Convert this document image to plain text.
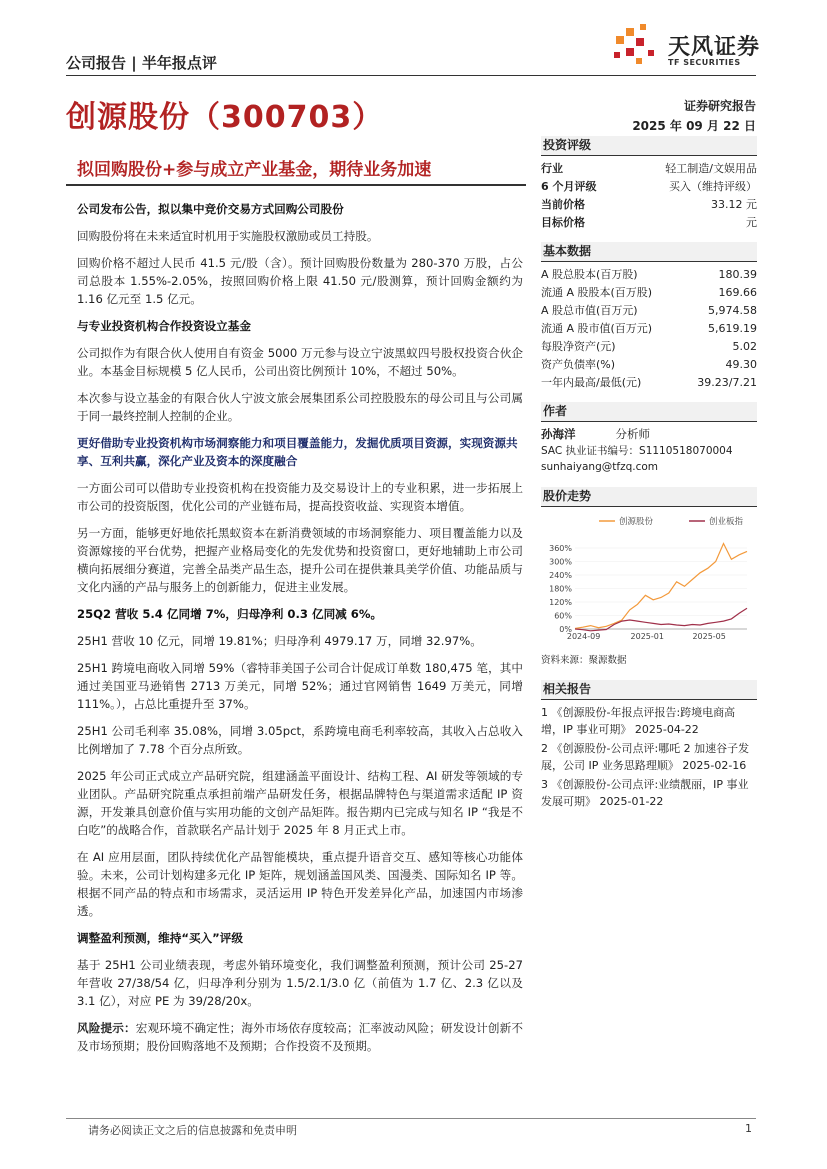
公司报告 | 半年报点评
天风证券
TF SECURITIES
创源股份（300703）	证券研究报告
2025 年 09 月 22 日
拟回购股份+参与成立产业基金，期待业务加速
公司发布公告，拟以集中竞价交易方式回购公司股份

回购股份将在未来适宜时机用于实施股权激励或员工持股。

回购价格不超过人民币 41.5 元/股（含）。预计回购股份数量为 280-370 万股，占公司总股本 1.55%-2.05%，按照回购价格上限 41.50 元/股测算，预计回购金额约为 1.16 亿元至 1.5 亿元。

与专业投资机构合作投资设立基金

公司拟作为有限合伙人使用自有资金 5000 万元参与设立宁波黑蚁四号股权投资合伙企业。本基金目标规模 5 亿人民币，公司出资比例预计 10%，不超过 50%。

本次参与设立基金的有限合伙人宁波文旅会展集团系公司控股股东的母公司且与公司属于同一最终控制人控制的企业。

更好借助专业投资机构市场洞察能力和项目覆盖能力，发掘优质项目资源，实现资源共享、互利共赢，深化产业及资本的深度融合

一方面公司可以借助专业投资机构在投资能力及交易设计上的专业积累，进一步拓展上市公司的投资版图，优化公司的产业链布局，提高投资收益、实现资本增值。

另一方面，能够更好地依托黑蚁资本在新消费领域的市场洞察能力、项目覆盖能力以及资源嫁接的平台优势，把握产业格局变化的先发优势和投资窗口，更好地辅助上市公司横向拓展细分赛道，完善全品类产品生态，提升公司在提供兼具美学价值、功能品质与文化内涵的产品与服务上的创新能力，促进主业发展。

25Q2 营收 5.4 亿同增 7%，归母净利 0.3 亿同减 6%。

25H1 营收 10 亿元，同增 19.81%；归母净利 4979.17 万，同增 32.97%。

25H1 跨境电商收入同增 59%（睿特菲美国子公司合计促成订单数 180,475 笔，其中通过美国亚马逊销售 2713 万美元，同增 52%；通过官网销售 1649 万美元，同增 111%。），占总比重提升至 37%。

25H1 公司毛利率 35.08%，同增 3.05pct，系跨境电商毛利率较高，其收入占总收入比例增加了 7.78 个百分点所致。

2025 年公司正式成立产品研究院，组建涵盖平面设计、结构工程、AI 研发等领域的专业团队。产品研究院重点承担前端产品研发任务，根据品牌特色与渠道需求适配 IP 资源，开发兼具创意价值与实用功能的文创产品矩阵。报告期内已完成与知名 IP “我是不白吃”的战略合作，首款联名产品计划于 2025 年 8 月正式上市。

在 AI 应用层面，团队持续优化产品智能模块，重点提升语音交互、感知等核心功能体验。未来，公司计划构建多元化 IP 矩阵，规划涵盖国风类、国漫类、国际知名 IP 等。根据不同产品的特点和市场需求，灵活运用 IP 特色开发差异化产品，加速国内市场渗透。

调整盈利预测，维持“买入”评级

基于 25H1 公司业绩表现，考虑外销环境变化，我们调整盈利预测，预计公司 25-27 年营收 27/38/54 亿，归母净利分别为 1.5/2.1/3.0 亿（前值为 1.7 亿、2.3 亿以及 3.1 亿），对应 PE 为 39/28/20x。

风险提示：宏观环境不确定性；海外市场依存度较高；汇率波动风险；研发设计创新不及市场预期；股份回购落地不及预期；合作投资不及预期。

投资评级
行业	轻工制造/文娱用品
6 个月评级	买入（维持评级）
当前价格	33.12 元
目标价格	元
基本数据
A 股总股本(百万股)	180.39
流通 A 股股本(百万股)	169.66
A 股总市值(百万元)	5,974.58
流通 A 股市值(百万元)	5,619.19
每股净资产(元)	5.02
资产负债率(%)	49.30
一年内最高/最低(元)	39.23/7.21
作者
孙海洋	分析师
SAC 执业证书编号：S1110518070004
sunhaiyang@tfzq.com
股价走势
0%
60%
120%
180%
240%
300%
360%
2024-09	2025-01	2025-05
创源股份	创业板指
资料来源：聚源数据
相关报告
1 《创源股份-年报点评报告:跨境电商高增，IP 事业可期》 2025-04-22
2 《创源股份-公司点评:哪吒 2 加速谷子发展，公司 IP 业务思路理顺》 2025-02-16
3 《创源股份-公司点评:业绩靓丽，IP 事业发展可期》 2025-01-22
请务必阅读正文之后的信息披露和免责申明	1
